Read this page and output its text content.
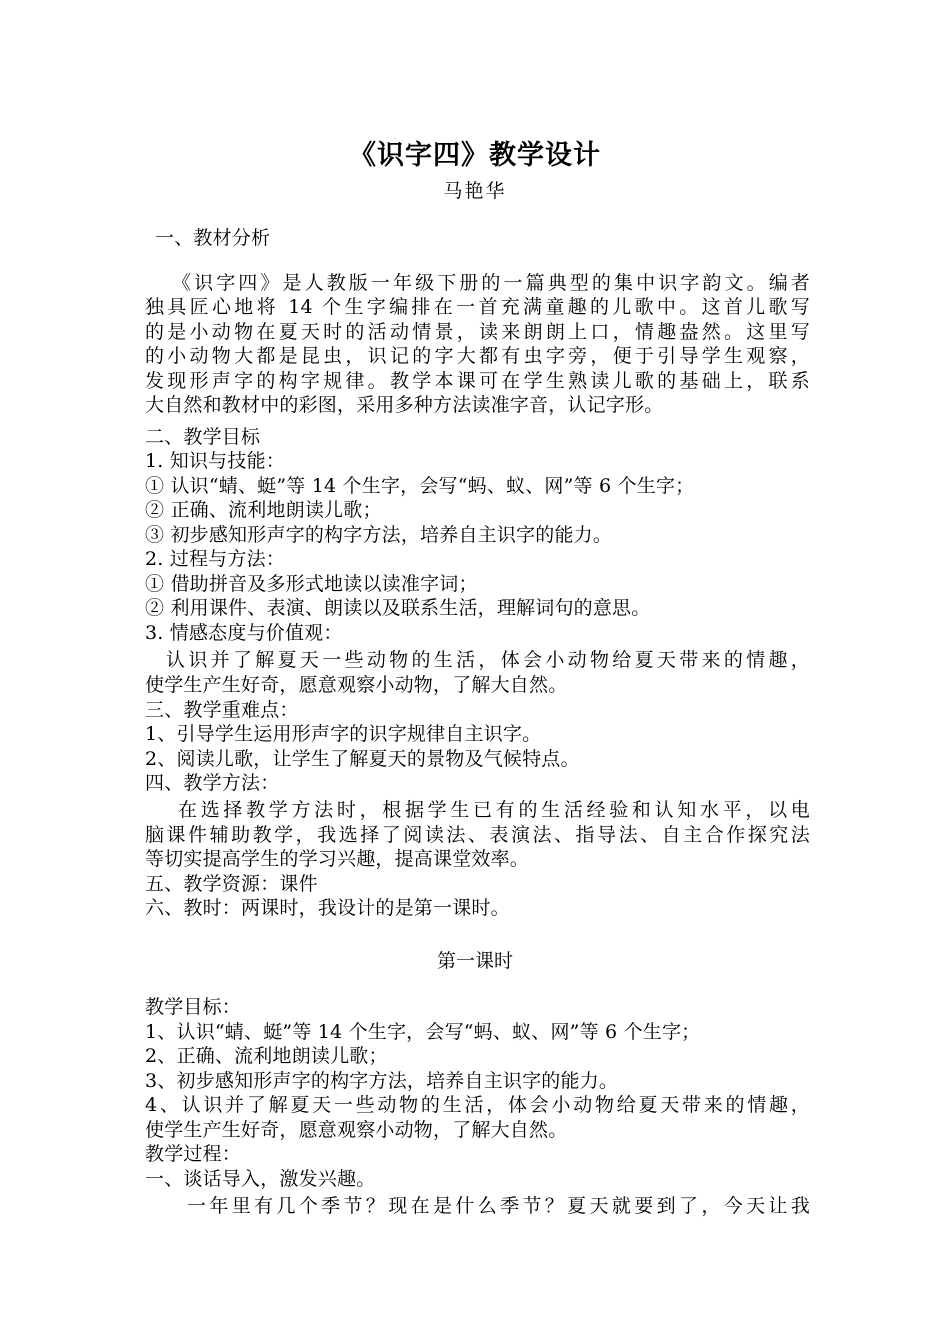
《识字四》教学设计
马艳华
一、教材分析
《识字四》是人教版一年级下册的一篇典型的集中识字韵文。编者
独具匠心地将 14 个生字编排在一首充满童趣的儿歌中。这首儿歌写
的是小动物在夏天时的活动情景，读来朗朗上口，情趣盎然。这里写
的小动物大都是昆虫，识记的字大都有虫字旁，便于引导学生观察，
发现形声字的构字规律。教学本课可在学生熟读儿歌的基础上，联系
大自然和教材中的彩图，采用多种方法读准字音，认记字形。
二、教学目标
1. 知识与技能：
① 认识“蜻、蜓”等 14 个生字，会写“蚂、蚁、网”等 6 个生字；
② 正确、流利地朗读儿歌；
③ 初步感知形声字的构字方法，培养自主识字的能力。
2. 过程与方法：
① 借助拼音及多形式地读以读准字词；
② 利用课件、表演、朗读以及联系生活，理解词句的意思。
3. 情感态度与价值观：
认识并了解夏天一些动物的生活，体会小动物给夏天带来的情趣，
使学生产生好奇，愿意观察小动物，了解大自然。
三、教学重难点：
1、引导学生运用形声字的识字规律自主识字。
2、阅读儿歌，让学生了解夏天的景物及气候特点。
四、教学方法：
在选择教学方法时，根据学生已有的生活经验和认知水平，以电
脑课件辅助教学，我选择了阅读法、表演法、指导法、自主合作探究法
等切实提高学生的学习兴趣，提高课堂效率。
五、教学资源：课件
六、教时：两课时，我设计的是第一课时。
第一课时
教学目标：
1、认识“蜻、蜓”等 14 个生字，会写“蚂、蚁、网”等 6 个生字；
2、正确、流利地朗读儿歌；
3、初步感知形声字的构字方法，培养自主识字的能力。
4、认识并了解夏天一些动物的生活，体会小动物给夏天带来的情趣，
使学生产生好奇，愿意观察小动物，了解大自然。
教学过程：
一、谈话导入，激发兴趣。
一年里有几个季节？现在是什么季节？夏天就要到了，今天让我
